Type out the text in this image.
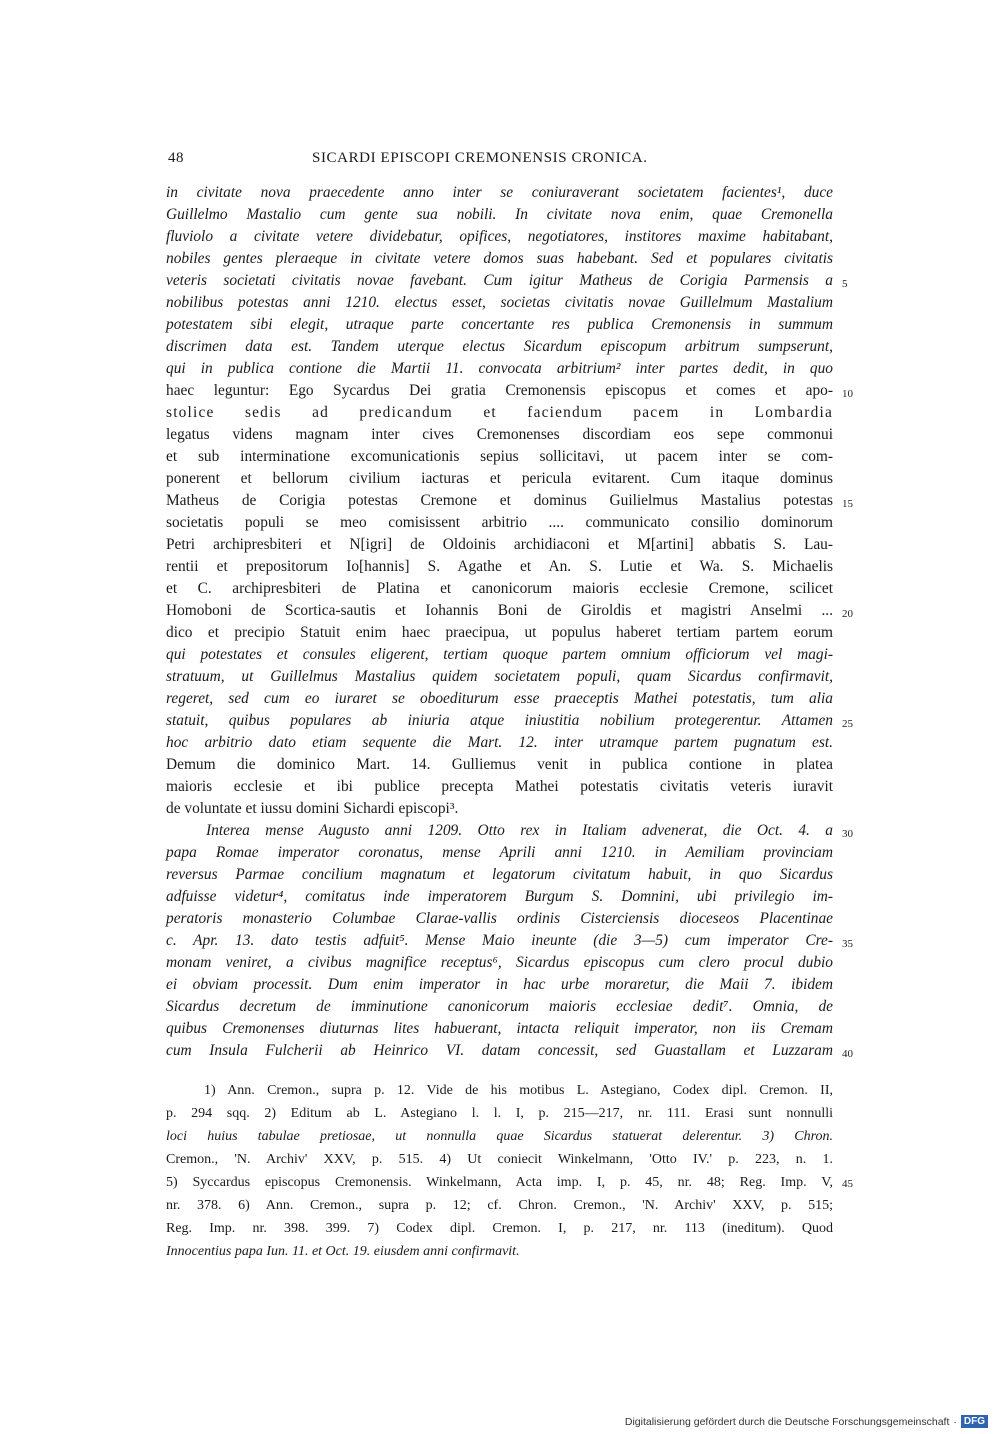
48	SICARDI EPISCOPI CREMONENSIS CRONICA.
in civitate nova praecedente anno inter se coniuraverant societatem facientes¹, duce
Guillelmo Mastalio cum gente sua nobili. In civitate nova enim, quae Cremonella
fluviolo a civitate vetere dividebatur, opifices, negotiatores, institores maxime habitabant,
nobiles gentes pleraeque in civitate vetere domos suas habebant. Sed et populares civitatis
veteris societati civitatis novae favebant. Cum igitur Matheus de Corigia Parmensis a
nobilibus potestas anni 1210. electus esset, societas civitatis novae Guillelmum Mastalium
potestatem sibi elegit, utraque parte concertante res publica Cremonensis in summum
discrimen data est. Tandem uterque electus Sicardum episcopum arbitrum sumpserunt,
qui in publica contione die Martii 11. convocata arbitrium² inter partes dedit, in quo
haec leguntur: Ego Sycardus Dei gratia Cremonensis episcopus et comes et apo-
stolice sedis ad predicandum et faciendum pacem in Lombardia
legatus videns magnam inter cives Cremonenses discordiam eos sepe commonui
et sub interminatione excomunicationis sepius sollicitavi, ut pacem inter se com-
ponerent et bellorum civilium iacturas et pericula evitarent. Cum itaque dominus
Matheus de Corigia potestas Cremone et dominus Guilielmus Mastalius potestas
societatis populi se meo comisissent arbitrio .... communicato consilio dominorum
Petri archipresbiteri et N[igri] de Oldoinis archidiaconi et M[artini] abbatis S. Lau-
rentii et prepositorum Io[hannis] S. Agathe et An. S. Lutie et Wa. S. Michaelis
et C. archipresbiteri de Platina et canonicorum maioris ecclesie Cremone, scilicet
Homoboni de Scortica-sautis et Iohannis Boni de Giroldis et magistri Anselmi ...
dico et precipio Statuit enim haec praecipua, ut populus haberet tertiam partem eorum
qui potestates et consules eligerent, tertiam quoque partem omnium officiorum vel magi-
stratuum, ut Guillelmus Mastalius quidem societatem populi, quam Sicardus confirmavit,
regeret, sed cum eo iuraret se oboediturum esse praeceptis Mathei potestatis, tum alia
statuit, quibus populares ab iniuria atque iniustitia nobilium protegerentur. Attamen
hoc arbitrio dato etiam sequente die Mart. 12. inter utramque partem pugnatum est.
Demum die dominico Mart. 14. Gulliemus venit in publica contione in platea
maioris ecclesie et ibi publice precepta Mathei potestatis civitatis veteris iuravit
de voluntate et iussu domini Sichardi episcopi³.
Interea mense Augusto anni 1209. Otto rex in Italiam advenerat, die Oct. 4. a
papa Romae imperator coronatus, mense Aprili anni 1210. in Aemiliam provinciam
reversus Parmae concilium magnatum et legatorum civitatum habuit, in quo Sicardus
adfuisse videtur⁴, comitatus inde imperatorem Burgum S. Domnini, ubi privilegio im-
peratoris monasterio Columbae Clarae-vallis ordinis Cisterciensis dioceseos Placentinae
c. Apr. 13. dato testis adfuit⁵. Mense Maio ineunte (die 3—5) cum imperator Cre-
monam veniret, a civibus magnifice receptus⁶, Sicardus episcopus cum clero procul dubio
ei obviam processit. Dum enim imperator in hac urbe moraretur, die Maii 7. ibidem
Sicardus decretum de imminutione canonicorum maioris ecclesiae dedit⁷. Omnia, de
quibus Cremonenses diuturnas lites habuerant, intacta reliquit imperator, non iis Cremam
cum Insula Fulcherii ab Heinrico VI. datam concessit, sed Guastallam et Luzzaram
5
10
15
20
25
30
35
40
1) Ann. Cremon., supra p. 12. Vide de his motibus L. Astegiano, Codex dipl. Cremon. II,
p. 294 sqq. 2) Editum ab L. Astegiano l. l. I, p. 215—217, nr. 111. Erasi sunt nonnulli
loci huius tabulae pretiosae, ut nonnulla quae Sicardus statuerat delerentur. 3) Chron.
Cremon., 'N. Archiv' XXV, p. 515. 4) Ut coniecit Winkelmann, 'Otto IV.' p. 223, n. 1.
5) Syccardus episcopus Cremonensis. Winkelmann, Acta imp. I, p. 45, nr. 48; Reg. Imp. V,
nr. 378. 6) Ann. Cremon., supra p. 12; cf. Chron. Cremon., 'N. Archiv' XXV, p. 515;
Reg. Imp. nr. 398. 399. 7) Codex dipl. Cremon. I, p. 217, nr. 113 (ineditum). Quod
Innocentius papa Iun. 11. et Oct. 19. eiusdem anni confirmavit.
45
Digitalisierung gefördert durch die Deutsche Forschungsgemeinschaft · DFG
